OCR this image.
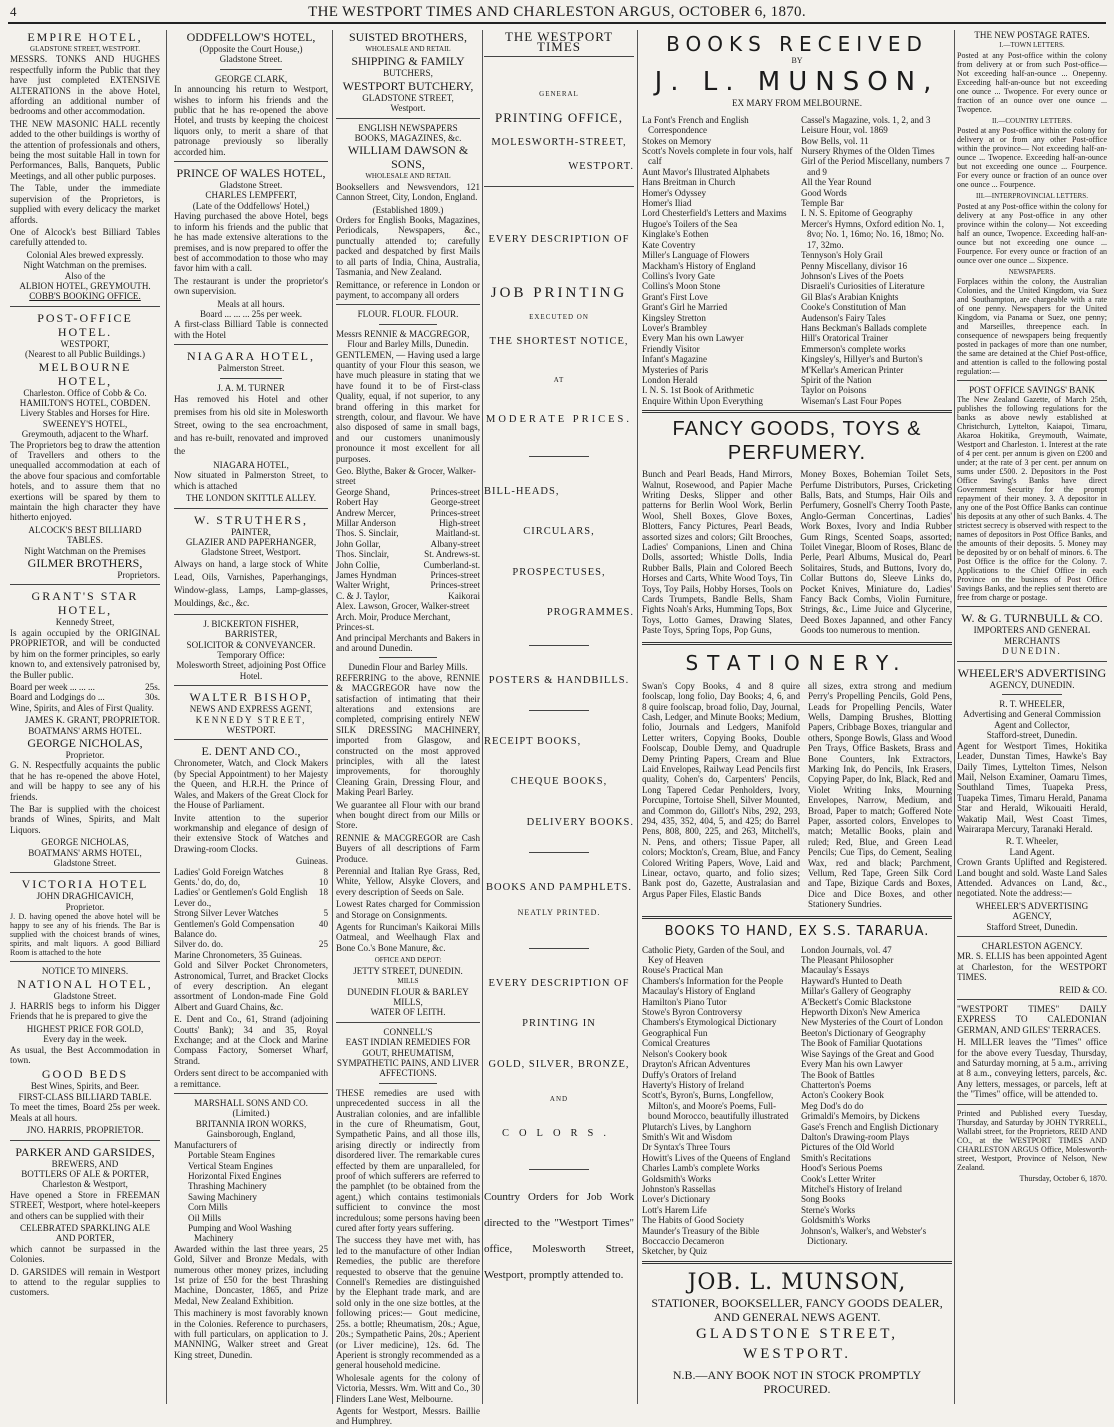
4	THE WESTPORT TIMES AND CHARLESTON ARGUS, OCTOBER 6, 1870.
EMPIRE HOTEL,
GLADSTONE STREET, WESTPORT.

MESSRS. TONKS AND HUGHES respectfully inform the Public that they have just completed EXTENSIVE ALTERATIONS in the above Hotel, affording an additional number of bedrooms and other accommodation.

THE NEW MASONIC HALL recently added to the other buildings is worthy of the attention of professionals and others, being the most suitable Hall in town for Performances, Balls, Banquets, Public Meetings, and all other public purposes.

The Table, under the immediate supervision of the Proprietors, is supplied with every delicacy the market affords.

One of Alcock's best Billiard Tables carefully attended to.

Colonial Ales brewed expressly.
Night Watchman on the premises.
Also of the
ALBION HOTEL, GREYMOUTH.
COBB'S BOOKING OFFICE.
POST-OFFICE HOTEL.
WESTPORT,
(Nearest to all Public Buildings.)
MELBOURNE HOTEL,
Charleston. Office of Cobb & Co.
HAMILTON'S HOTEL, COBDEN.
Livery Stables and Horses for Hire.
SWEENEY'S HOTEL,
Greymouth, adjacent to the Wharf.

The Proprietors beg to draw the attention of Travellers and others to the unequalled accommodation at each of the above four spacious and comfortable hotels, and to assure them that no exertions will be spared by them to maintain the high character they have hitherto enjoyed.

ALCOCK'S BEST BILLIARD TABLES.
Night Watchman on the Premises
GILMER BROTHERS,
Proprietors.
GRANT'S STAR HOTEL,
Kennedy Street,

Is again occupied by the ORIGINAL PROPRIETOR, and will be conducted by him on the former principles, so early known to, and extensively patronised by, the Buller public.

Board per week ... ... ...	25s.
Board and Lodgings do ...	30s.

Wine, Spirits, and Ales of First Quality.

JAMES K. GRANT, PROPRIETOR.
BOATMANS' ARMS HOTEL.
GEORGE NICHOLAS,
Proprietor.

G. N. Respectfully acquaints the public that he has re-opened the above Hotel, and will be happy to see any of his friends.

The Bar is supplied with the choicest brands of Wines, Spirits, and Malt Liquors.

GEORGE NICHOLAS,
BOATMANS' ARMS HOTEL,
Gladstone Street.
VICTORIA HOTEL
JOHN DRAGHICAVICH,
Proprietor.

J. D. having opened the above hotel will be happy to see any of his friends. The Bar is supplied with the choicest brands of wines, spirits, and malt liquors. A good Billiard Room is attached to the hote

NOTICE TO MINERS.
NATIONAL HOTEL,
Gladstone Street.

J. HARRIS begs to inform his Digger Friends that he is prepared to give the

HIGHEST PRICE FOR GOLD,
Every day in the week.

As usual, the Best Accommodation in town.

GOOD BEDS
Best Wines, Spirits, and Beer.
FIRST-CLASS BILLIARD TABLE.

To meet the times, Board 25s per week. Meals at all hours.

JNO. HARRIS, PROPRIETOR.
PARKER AND GARSIDES,
BREWERS, AND
BOTTLERS OF ALE & PORTER,
Charleston & Westport,

Have opened a Store in FREEMAN STREET, Westport, where hotel-keepers and others can be supplied with their

CELEBRATED SPARKLING ALE
AND PORTER,

which cannot be surpassed in the Colonies.

D. GARSIDES will remain in Westport to attend to the regular supplies to customers.

ODDFELLOW'S HOTEL,
(Opposite the Court House,)
Gladstone Street.
GEORGE CLARK,

In announcing his return to Westport, wishes to inform his friends and the public that he has re-opened the above Hotel, and trusts by keeping the choicest liquors only, to merit a share of that patronage previously so liberally accorded him.

PRINCE OF WALES HOTEL,
Gladstone Street.
CHARLES LEMPFERT,
(Late of the Oddfellows' Hotel,)

Having purchased the above Hotel, begs to inform his friends and the public that he has made extensive alterations to the premises, and is now prepared to offer the best of accommodation to those who may favor him with a call.

The restaurant is under the proprietor's own supervision.

Meals at all hours.
Board ... ... ... 25s per week.

A first-class Billiard Table is connected with the Hotel

NIAGARA HOTEL,
Palmerston Street.
J. A. M. TURNER

Has removed his Hotel and other premises from his old site in Molesworth Street, owing to the sea encroachment, and has re-built, renovated and improved the

NIAGARA HOTEL,

Now situated in Palmerston Street, to which is attached

THE LONDON SKITTLE ALLEY.
W. STRUTHERS,
PAINTER,
GLAZIER AND PAPERHANGER,
Gladstone Street, Westport.

Always on hand, a large stock of White Lead, Oils, Varnishes, Paperhangings, Window-glass, Lamps, Lamp-glasses, Mouldings, &c., &c.

J. BICKERTON FISHER,
BARRISTER,
SOLICITOR & CONVEYANCER.
Temporary Office:
Molesworth Street, adjoining Post Office Hotel.
WALTER BISHOP,
NEWS AND EXPRESS AGENT,
KENNEDY STREET,
WESTPORT.
E. DENT AND CO.,

Chronometer, Watch, and Clock Makers (by Special Appointment) to her Majesty the Queen, and H.R.H. the Prince of Wales, and Makers of the Great Clock for the House of Parliament.

Invite attention to the superior workmanship and elegance of design of their extensive Stock of Watches and Drawing-room Clocks.

Guineas.
Ladies' Gold Foreign Watches	8
Gents.' do, do, do,	10
Ladies' or Gentlemen's Gold English Lever do.,
18
Strong Silver Lever Watches	5
Gentlemen's Gold Compensation Balance do.
40
Silver do. do.	25
Marine Chronometers, 35 Guineas.

Gold and Silver Pocket Chronometers, Astronomical, Turret, and Bracket Clocks of every description. An elegant assortment of London-made Fine Gold Albert and Guard Chains, &c.

E. Dent and Co., 61, Strand (adjoining Coutts' Bank); 34 and 35, Royal Exchange; and at the Clock and Marine Compass Factory, Somerset Wharf, Strand.

Orders sent direct to be accompanied with a remittance.

MARSHALL SONS AND CO.
(Limited.)
BRITANNIA IRON WORKS,
Gainsborough, England,
Manufacturers of
Portable Steam Engines
Vertical Steam Engines
Horizontal Fixed Engines
Thrashing Machinery
Sawing Machinery
Corn Mills
Oil Mills
Pumping and Wool Washing Machinery

Awarded within the last three years, 25 Gold, Silver and Bronze Medals, with numerous other money prizes, including 1st prize of £50 for the best Thrashing Machine, Doncaster, 1865, and Prize Medal, New Zealand Exhibition.

This machinery is most favorably known in the Colonies. Reference to purchasers, with full particulars, on application to J. MANNING, Walker street and Great King street, Dunedin.

SUISTED BROTHERS,
WHOLESALE AND RETAIL
SHIPPING & FAMILY
BUTCHERS,
WESTPORT BUTCHERY,
GLADSTONE STREET,
Westport.
ENGLISH NEWSPAPERS
BOOKS, MAGAZINES, &c.
WILLIAM DAWSON & SONS,
WHOLESALE AND RETAIL

Booksellers and Newsvendors, 121 Cannon Street, City, London, England.

(Established 1809.)

Orders for English Books, Magazines, Periodicals, Newspapers, &c., punctually attended to; carefully packed and despatched by first Mails to all parts of India, China, Australia, Tasmania, and New Zealand.

Remittance, or reference in London or payment, to accompany all orders

FLOUR. FLOUR. FLOUR.
Messrs RENNIE & MACGREGOR,
Flour and Barley Mills, Dunedin.

GENTLEMEN, — Having used a large quantity of your Flour this season, we have much pleasure in stating that we have found it to be of First-class Quality, equal, if not superior, to any brand offering in this market for strength, colour, and flavour. We have also disposed of same in small bags, and our customers unanimously pronounce it most excellent for all purposes.

Geo. Blythe, Baker & Grocer, Walker-street
George Shand,	Princes-street
Robert Hay	George-street
Andrew Mercer,	Princes-street
Millar Anderson	High-street
Thos. S. Sinclair,	Maitland-st.
John Gollar,	Albany-street
Thos. Sinclair,	St. Andrews-st.
John Collie,	Cumberland-st.
James Hyndman	Princes-street
Walter Wright,	Princes-street
C. & J. Taylor,	Kaikorai
Alex. Lawson, Grocer, Walker-street
Arch. Moir, Produce Merchant, Princes-st.

And principal Merchants and Bakers in and around Dunedin.

Dunedin Flour and Barley Mills.

REFERRING to the above, RENNIE & MACGREGOR have now the satisfaction of intimating that their alterations and extensions are completed, comprising entirely NEW SILK DRESSING MACHINERY, imported from Glasgow, and constructed on the most approved principles, with all the latest improvements, for thoroughly Cleaning Grain, Dressing Flour, and Making Pearl Barley.

We guarantee all Flour with our brand when bought direct from our Mills or Store.

RENNIE & MACGREGOR are Cash Buyers of all descriptions of Farm Produce.

Perennial and Italian Rye Grass, Red, White, Yellow, Alsyke Clovers, and every description of Seeds on Sale.

Lowest Rates charged for Commission and Storage on Consignments.

Agents for Runciman's Kaikorai Mills Oatmeal, and Weelhaugh Flax and Bone Co.'s Bone Manure, &c.

OFFICE AND DEPOT:
JETTY STREET, DUNEDIN.
MILLS
DUNEDIN FLOUR & BARLEY MILLS,
WATER OF LEITH.
CONNELL'S
EAST INDIAN REMEDIES FOR GOUT, RHEUMATISM, SYMPATHETIC PAINS, AND LIVER AFFECTIONS.

THESE remedies are used with unprecedented success in all the Australian colonies, and are infallible in the cure of Rheumatism, Gout, Sympathetic Pains, and all those ills, arising directly or indirectly from disordered liver. The remarkable cures effected by them are unparalleled, for proof of which sufferers are referred to the pamphlet (to be obtained from the agent,) which contains testimonials sufficient to convince the most incredulous; some persons having been cured after forty years suffering.

The success they have met with, has led to the manufacture of other Indian Remedies, the public are therefore requested to observe that the genuine Connell's Remedies are distinguished by the Elephant trade mark, and are sold only in the one size bottles, at the following prices:— Gout medicine, 25s. a bottle; Rheumatism, 20s.; Ague, 20s.; Sympathetic Pains, 20s.; Aperient (or Liver medicine), 12s. 6d. The Aperient is strongly recommended as a general household medicine.

Wholesale agents for the colony of Victoria, Messrs. Wm. Witt and Co., 30 Flinders Lane West, Melbourne.

Agents for Westport, Messrs. Baillie and Humphrey.

THE WESTPORT TIMES
GENERAL
PRINTING OFFICE,
MOLESWORTH-STREET,
WESTPORT.
EVERY DESCRIPTION OF
JOB PRINTING
EXECUTED ON
THE SHORTEST NOTICE,
AT
MODERATE PRICES.
BILL-HEADS,
CIRCULARS,
PROSPECTUSES,
PROGRAMMES.
POSTERS & HANDBILLS.
RECEIPT BOOKS,
CHEQUE BOOKS,
DELIVERY BOOKS.
BOOKS AND PAMPHLETS.
NEATLY PRINTED.
EVERY DESCRIPTION OF
PRINTING IN
GOLD, SILVER, BRONZE,
AND
COLORS.

Country Orders for Job Work directed to the "Westport Times" office, Molesworth Street, Westport, promptly attended to.

BOOKS RECEIVED
BY
J. L. MUNSON,
EX MARY FROM MELBOURNE.
La Font's French and English Correspondence
Stokes on Memory
Scott's Novels complete in four vols, half calf
Aunt Mavor's Illustrated Alphabets
Hans Breitman in Church
Homer's Odyssey
Homer's Iliad
Lord Chesterfield's Letters and Maxims
Hugoe's Toilers of the Sea
Kinglake's Eothen
Kate Coventry
Miller's Language of Flowers
Mackham's History of England
Collins's Ivory Gate
Collins's Moon Stone
Grant's First Love
Grant's Girl he Married
Kingsley Stretton
Lover's Brambley
Every Man his own Lawyer
Friendly Visitor
Infant's Magazine
Mysteries of Paris
London Herald
I. N. S. 1st Book of Arithmetic
Enquire Within Upon Everything
Cassel's Magazine, vols. 1, 2, and 3
Leisure Hour, vol. 1869
Bow Bells, vol. 11
Nursery Rhymes of the Olden Times
Girl of the Period Miscellany, numbers 7 and 9
All the Year Round
Good Words
Temple Bar
I. N. S. Epitome of Geography
Mercer's Hymns, Oxford edition No. 1, 8vo; No. 1, 16mo; No. 16, 18mo; No. 17, 32mo.
Tennyson's Holy Grail
Penny Miscellany, divisor 16
Johnson's Lives of the Poets
Disraeli's Curiosities of Literature
Gil Blas's Arabian Knights
Cooke's Constitution of Man
Audenson's Fairy Tales
Hans Beckman's Ballads complete
Hill's Oratorical Trainer
Emmerson's complete works
Kingsley's, Hillyer's and Burton's
M'Kellar's American Printer
Spirit of the Nation
Taylor on Poisons
Wiseman's Last Four Popes
FANCY GOODS, TOYS & PERFUMERY.

Bunch and Pearl Beads, Hand Mirrors, Walnut, Rosewood, and Papier Mache Writing Desks, Slipper and other patterns for Berlin Wool Work, Berlin Wool, Shell Boxes, Glove Boxes, Blotters, Fancy Pictures, Pearl Beads, assorted sizes and colors; Gilt Brooches, Ladies' Companions, Linen and China Dolls, assorted; Whistle Dolls, India Rubber Balls, Plain and Colored Beech Horses and Carts, White Wood Toys, Tin Toys, Toy Pails, Hobby Horses, Tools on Cards Trumpets, Bandle Bells, Sham Fights Noah's Arks, Humming Tops, Box Toys, Lotto Games, Drawing Slates, Paste Toys, Spring Tops, Pop Guns,

Money Boxes, Bohemian Toilet Sets, Perfume Distributors, Purses, Cricketing Balls, Bats, and Stumps, Hair Oils and Perfumery, Gosnell's Cherry Tooth Paste, Anglo-German Concertinas, Ladies' Work Boxes, Ivory and India Rubber Gum Rings, Scented Soaps, assorted; Toilet Vinegar, Bloom of Roses, Blanc de Perle, Pearl Albums, Musical do, Pearl Solitaires, Studs, and Buttons, Ivory do, Collar Buttons do, Sleeve Links do, Pocket Knives, Miniature do, Ladies' Fancy Back Combs, Violin Furniture, Strings, &c., Lime Juice and Glycerine, Deed Boxes Japanned, and other Fancy Goods too numerous to mention.

STATIONERY.

Swan's Copy Books, 4 and 8 quire foolscap, long folio, Day Books; 4, 6, and 8 quire foolscap, broad folio, Day, Journal, Cash, Ledger, and Minute Books; Medium, folio, Journals and Ledgers, Manifold Letter writers, Copying Books, Double Foolscap, Double Demy, and Quadruple Demy Printing Papers, Cream and Blue Laid Envelopes, Railway Lead Pencils first quality, Cohen's do, Carpenters' Pencils, Long Tapered Cedar Penholders, Ivory, Porcupine, Tortoise Shell, Silver Mounted, and Common do, Gillott's Nibs, 292, 293, 294, 435, 352, 404, 5, and 425; do Barrel Pens, 808, 800, 225, and 263, Mitchell's, N. Pens, and others; Tissue Paper, all colors; Mockton's, Cream, Blue, and Fancy Colored Writing Papers, Wove, Laid and Linear, octavo, quarto, and folio sizes; Bank post do, Gazette, Australasian and Argus Paper Files, Elastic Bands

all sizes, extra strong and medium Perry's Propelling Pencils, Gold Pens, Leads for Propelling Pencils, Water Wells, Damping Brushes, Blotting Papers, Cribbage Boxes, triangular and others, Sponge Bowls, Glass and Wood Pen Trays, Office Baskets, Brass and Bone Counters, Ink Extractors, Marking Ink, do Pencils, Ink Erasers, Copying Paper, do Ink, Black, Red and Violet Writing Inks, Mourning Envelopes, Narrow, Medium, and Broad, Paper to match; Goffered Note Paper, assorted colors, Envelopes to match; Metallic Books, plain and ruled; Red, Blue, and Green Lead Pencils; Cue Tips, do Cement, Sealing Wax, red and black; Parchment, Vellum, Red Tape, Green Silk Cord and Tape, Bizique Cards and Boxes, Dice and Dice Boxes, and other Stationery Sundries.

BOOKS TO HAND, EX S.S. TARARUA.
Catholic Piety, Garden of the Soul, and Key of Heaven
Rouse's Practical Man
Chambers's Information for the People
Macaulay's History of England
Hamilton's Piano Tutor
Stowe's Byron Controversy
Chambers's Etymological Dictionary
Geographical Fun
Comical Creatures
Nelson's Cookery book
Drayton's African Adventures
Duffy's Orators of Ireland
Haverty's History of Ireland
Scott's, Byron's, Burns, Longfellow, Milton's, and Moore's Poems, Full-bound Morocco, beautifully illustrated
Plutarch's Lives, by Langhorn
Smith's Wit and Wisdom
Dr Syntax's Three Tours
Howitt's Lives of the Queens of England
Charles Lamb's complete Works
Goldsmith's Works
Johnston's Rassellas
Lover's Dictionary
Lott's Harem Life
The Habits of Good Society
Maunder's Treasury of the Bible
Boccaccio Decameron
Sketcher, by Quiz
London Journals, vol. 47
The Pleasant Philosopher
Macaulay's Essays
Hayward's Hunted to Death
Millar's Gallery of Geography
A'Beckett's Comic Blackstone
Hepworth Dixon's New America
New Mysteries of the Court of London
Beeton's Dictionary of Geography
The Book of Familiar Quotations
Wise Sayings of the Great and Good
Every Man his own Lawyer
The Book of Battles
Chatterton's Poems
Acton's Cookery Book
Meg Dod's do do
Grimaldi's Memoirs, by Dickens
Gase's French and English Dictionary
Dalton's Drawing-room Plays
Pictures of the Old World
Smith's Recitations
Hood's Serious Poems
Cook's Letter Writer
Mitchel's History of Ireland
Song Books
Sterne's Works
Goldsmith's Works
Johnson's, Walker's, and Webster's Dictionary.
JOB. L. MUNSON,
STATIONER, BOOKSELLER, FANCY GOODS DEALER,
AND GENERAL NEWS AGENT.
GLADSTONE STREET, WESTPORT.
N.B.—ANY BOOK NOT IN STOCK PROMPTLY PROCURED.
THE NEW POSTAGE RATES.
I.—TOWN LETTERS.

Posted at any Post-office within the colony from delivery at or from such Post-office— Not exceeding half-an-ounce ... Onepenny. Exceeding half-an-ounce but not exceeding one ounce ... Twopence. For every ounce or fraction of an ounce over one ounce ... Twopence.

II.—COUNTRY LETTERS.

Posted at any Post-office within the colony for delivery at or from any other Post-office within the province— Not exceeding half-an-ounce ... Twopence. Exceeding half-an-ounce but not exceeding one ounce ... Fourpence. For every ounce or fraction of an ounce over one ounce ... Fourpence.

III.—INTERPROVINCIAL LETTERS.

Posted at any Post-office within the colony for delivery at any Post-office in any other province within the colony— Not exceeding half an ounce, Twopence. Exceeding half-an-ounce but not exceeding one ounce ... Fourpence. For every ounce or fraction of an ounce over one ounce ... Sixpence.

NEWSPAPERS.

Forplaces within the colony, the Australian Colonies, and the United Kingdom, via Suez and Southampton, are chargeable with a rate of one penny. Newspapers for the United Kingdom, via Panama or Suez, one penny; and Marseilles, threepence each. In consequence of newspapers being frequently posted in packages of more than one number, the same are detained at the Chief Post-office, and attention is called to the following postal regulation:—

POST OFFICE SAVINGS' BANK

The New Zealand Gazette, of March 25th, publishes the following regulations for the banks as above newly established at Christchurch, Lyttelton, Kaiapoi, Timaru, Akaroa Hokitika, Greymouth, Waimate, Westport and Charleston. 1. Interest at the rate of 4 per cent. per annum is given on £200 and under; at the rate of 3 per cent. per annum on sums under £500. 2. Depositors in the Post Office Saving's Banks have direct Government Security for the prompt repayment of their money. 3. A depositor in any one of the Post Office Banks can continue his deposits at any other of such Banks. 4. The strictest secrecy is observed with respect to the names of depositors in Post Office Banks, and the amounts of their deposits. 5. Money may be deposited by or on behalf of minors. 6. The Post Office is the office for the Colony. 7. Applications to the Chief Office in each Province on the business of Post Office Savings Banks, and the replies sent thereto are free from charge or postage.

W. & G. TURNBULL & CO.
IMPORTERS AND GENERAL
MERCHANTS
DUNEDIN.
WHEELER'S ADVERTISING
AGENCY, DUNEDIN.
R. T. WHEELER,
Advertising and General Commission Agent and Collector,
Stafford-street, Dunedin.

Agent for Westport Times, Hokitika Leader, Dunstan Times, Hawke's Bay Daily Times, Lyttelton Times, Nelson Mail, Nelson Examiner, Oamaru Times, Southland Times, Tuapeka Press, Tuapeka Times, Timaru Herald, Panama Star and Herald, Wikouaiti Herald, Wakatip Mail, West Coast Times, Wairarapa Mercury, Taranaki Herald.

R. T. Wheeler,
Land Agent.

Crown Grants Uplifted and Registered. Land bought and sold. Waste Land Sales Attended. Advances on Land, &c., negotiated. Note the address:—

WHEELER'S ADVERTISING AGENCY,
Stafford Street, Dunedin.
CHARLESTON AGENCY.

MR. S. ELLIS has been appointed Agent at Charleston, for the WESTPORT TIMES.

REID & CO.

"WESTPORT TIMES" DAILY EXPRESS TO CALEDONIAN GERMAN, AND GILES' TERRACES.

H. MILLER leaves the "Times" office for the above every Tuesday, Thursday, and Saturday morning, at 5 a.m., arriving at 8 a.m., conveying letters, parcels, &c. Any letters, messages, or parcels, left at the "Times" office, will be attended to.

Printed and Published every Tuesday, Thursday, and Saturday by JOHN TYRRELL, Wallabi street, for the Proprietors, REID AND CO., at the WESTPORT TIMES AND CHARLESTON ARGUS Office, Molesworth-street, Westport, Province of Nelson, New Zealand.

Thursday, October 6, 1870.
